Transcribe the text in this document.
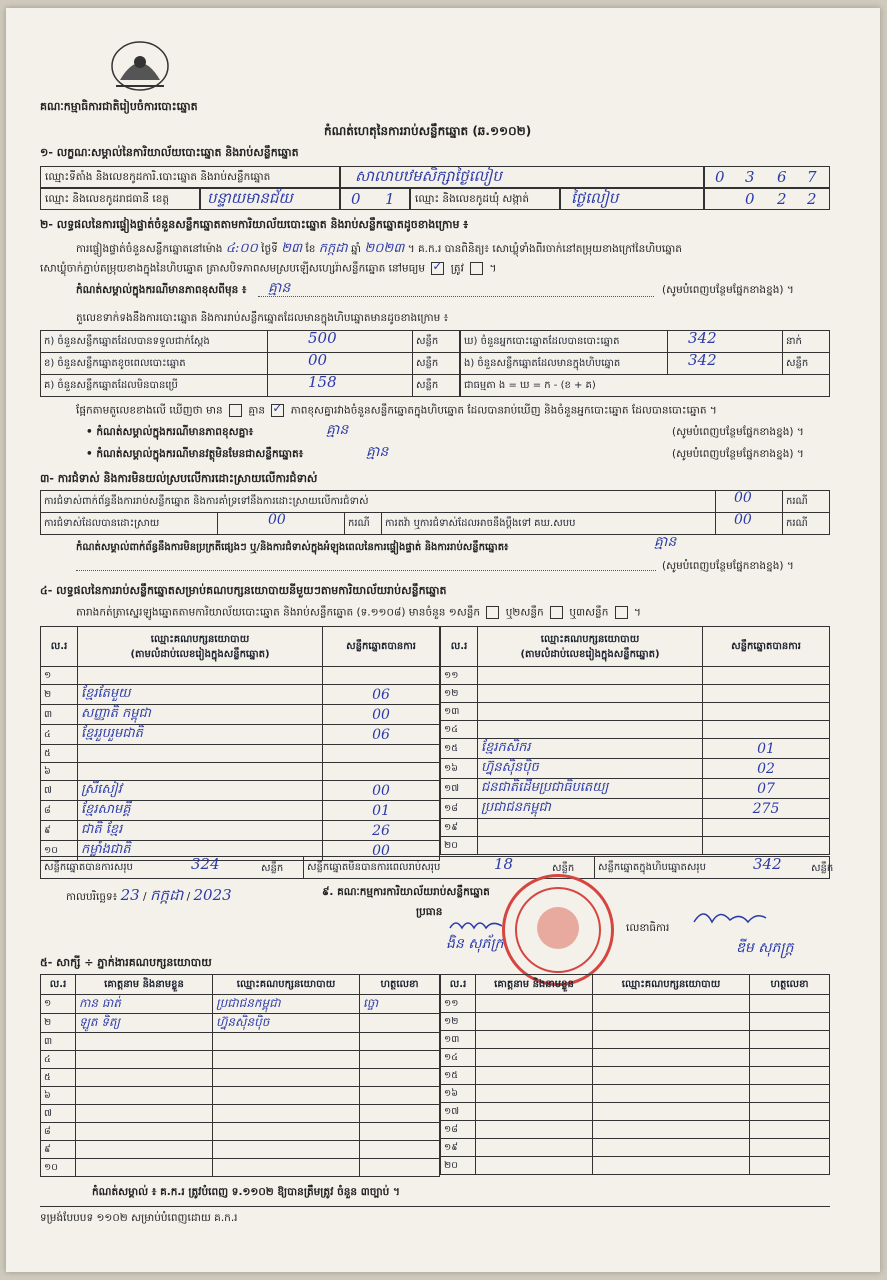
គណៈកម្មាធិការជាតិរៀបចំការបោះឆ្នោត
កំណត់ហេតុនៃការរាប់សន្លឹកឆ្នោត (ឆ.១១០២)
១- លក្ខណៈសម្គាល់នៃការិយាល័យបោះឆ្នោត និងរាប់សន្លឹកឆ្នោត
ឈ្មោះទីតាំង និងលេខកូដការិ.បោះឆ្នោត និងរាប់សន្លឹកឆ្នោត	សាលាបឋមសិក្សាថ្ងៃលៀប	0 3 6 7
ឈ្មោះ និងលេខកូដរាជធានី ខេត្ត	បន្ទាយមានជ័យ	0 1 ឈ្មោះ និងលេខកូដឃុំ សង្កាត់	ថ្ងៃលៀប	0 2 2
២- លទ្ធផលនៃការផ្ទៀងផ្ទាត់ចំនួនសន្លឹកឆ្នោតតាមការិយាល័យបោះឆ្នោត និងរាប់សន្លឹកឆ្នោតដូចខាងក្រោម ៖
ការផ្ទៀងផ្ទាត់ចំនួនសន្លឹកឆ្នោតនៅម៉ោង ៤:០០ ថ្ងៃទី ២៣ ខែ កក្កដា ឆ្នាំ ២០២៣ ។ គ.ក.រ បានពិនិត្យ៖ សោឃ្លុំទាំងពីរចាក់នៅតម្រុយខាងក្រៅនៃហិបឆ្នោត
សោឃ្លុំចាក់ភ្ជាប់តម្រុយខាងក្នុងនៃហិបឆ្នោត ត្រាសបិទភាពសមស្របឡើសហ្សេរ៉ាសន្លឹកឆ្នោត នៅមធ្យម ✓ ត្រូវ  ។
កំណត់សម្គាល់ក្នុងករណីមានភាពខុសពីមុន ៖ គ្មាន	(សូមបំពេញបន្ថែមផ្នែកខាងខ្នង) ។
តួលេខទាក់ទងនឹងការបោះឆ្នោត និងការរាប់សន្លឹកឆ្នោតដែលមានក្នុងហិបឆ្នោតមានដូចខាងក្រោម ៖
ក) ចំនួនសន្លឹកឆ្នោតដែលបានទទួលជាក់ស្តែង	500	សន្លឹក
ខ) ចំនួនសន្លឹកឆ្នោតខូចពេលបោះឆ្នោត	00	សន្លឹក
គ) ចំនួនសន្លឹកឆ្នោតដែលមិនបានប្រើ	158	សន្លឹក
ឃ) ចំនួនអ្នកបោះឆ្នោតដែលបានបោះឆ្នោត	342	នាក់
ង) ចំនួនសន្លឹកឆ្នោតដែលមានក្នុងហិបឆ្នោត	342	សន្លឹក
ជាធម្មតា ង = ឃ = ក - (ខ + គ)		
ផ្អែកតាមតួលេខខាងលើ ឃើញថា មាន គ្មាន ✓ ភាពខុសគ្នារវាងចំនួនសន្លឹកឆ្នោតក្នុងហិបឆ្នោត ដែលបានរាប់ឃើញ និងចំនួនអ្នកបោះឆ្នោត ដែលបានបោះឆ្នោត ។
• កំណត់សម្គាល់ក្នុងករណីមានភាពខុសគ្នា៖	គ្មាន	(សូមបំពេញបន្ថែមផ្នែកខាងខ្នង) ។
• កំណត់សម្គាល់ក្នុងករណីមានវត្ថុមិនមែនជាសន្លឹកឆ្នោត៖	គ្មាន	(សូមបំពេញបន្ថែមផ្នែកខាងខ្នង) ។
៣- ការជំទាស់ និងការមិនយល់ស្របលើការដោះស្រាយលើការជំទាស់
ការជំទាស់ពាក់ព័ន្ធនឹងការរាប់សន្លឹកឆ្នោត និងការគាំទ្រទៅនឹងការដោះស្រាយលើការជំទាស់				00	ករណី
ការជំទាស់ដែលបានដោះស្រាយ	00	ករណី	ការតវ៉ា ឬការជំទាស់ដែលអាចនឹងប្តឹងទៅ គឃ.សបប	00	ករណី
កំណត់សម្គាល់ពាក់ព័ន្ធនឹងការមិនប្រក្រតីផ្សេងៗ ឬ/និងការជំទាស់ក្នុងអំឡុងពេលនៃការផ្ទៀងផ្ទាត់ និងការរាប់សន្លឹកឆ្នោត៖	គ្មាន
(សូមបំពេញបន្ថែមផ្នែកខាងខ្នង) ។
៤- លទ្ធផលនៃការរាប់សន្លឹកឆ្នោតសម្រាប់គណបក្សនយោបាយនីមួយៗតាមការិយាល័យរាប់សន្លឹកឆ្នោត
តារាងកត់ត្រាស្នេរឡូងឆ្នោតតាមការិយាល័យបោះឆ្នោត និងរាប់សន្លឹកឆ្នោត (ទ.១១០៨) មានចំនួន ១សន្លឹក ឬ២សន្លឹក ឬ៣សន្លឹក  ។
ល.រ	ឈ្មោះគណបក្សនយោបាយ
(តាមលំដាប់លេខរៀងក្នុងសន្លឹកឆ្នោត)	សន្លឹកឆ្នោតបានការ
១		
២	ខ្មែរតែមួយ	06
៣	សញ្ញាតិ កម្ពុជា	00
៤	ខ្មែររួបរួមជាតិ	06
៥		
៦		
៧	ស្រីសៀវ	00
៨	ខ្មែរសាមគ្គី	01
៩	ជាតិ ខ្មែរ	26
១០	កម្លាំងជាតិ	00
ល.រ	ឈ្មោះគណបក្សនយោបាយ
(តាមលំដាប់លេខរៀងក្នុងសន្លឹកឆ្នោត)	សន្លឹកឆ្នោតបានការ
១១		
១២		
១៣		
១៤		
១៥	ខ្មែរកសិករ	01
១៦	ហ្វ៊ុនស៊ិនប៉ិច	02
១៧	ជនជាតិដើមប្រជាធិបតេយ្យ	07
១៨	ប្រជាជនកម្ពុជា	275
១៩		
២០		
សន្លឹកឆ្នោតបានការសរុប	324	សន្លឹក	សន្លឹកឆ្នោតមិនបានការពេលរាប់សរុប	18	សន្លឹក	សន្លឹកឆ្នោតក្នុងហិបឆ្នោតសរុប	342	សន្លឹក
កាលបរិច្ឆេទ៖ 23 / កក្កដា / 2023	៩. គណៈកម្មការការិយាល័យរាប់សន្លឹកឆ្នោត
ប្រធាន
ងិន សុភ័ក្រ
លេខាធិការ
ឌីម សុភក្ត្រ
៥- សាក្សី ÷ ភ្នាក់ងារគណបក្សនយោបាយ
ល.រ	គោត្តនាម និងនាមខ្លួន	ឈ្មោះគណបក្សនយោបាយ	ហត្ថលេខា
១	កាន ធាត់	ប្រជាជនកម្ពុជា	ច្ចោ
២	ឡូត ទិត្យ	ហ្វ៊ុនស៊ិនប៉ិច	
៣			
៤			
៥			
៦			
៧			
៨			
៩			
១០			
ល.រ	គោត្តនាម និងនាមខ្លួន	ឈ្មោះគណបក្សនយោបាយ	ហត្ថលេខា
១១			
១២			
១៣			
១៤			
១៥			
១៦			
១៧			
១៨			
១៩			
២០			
កំណត់សម្គាល់ ៖ គ.ក.រ ត្រូវបំពេញ ទ.១១០២ ឱ្យបានត្រឹមត្រូវ ចំនួន ៣ច្បាប់ ។
ទម្រង់បែបបទ ១១០២ សម្រាប់បំពេញដោយ គ.ក.រ
